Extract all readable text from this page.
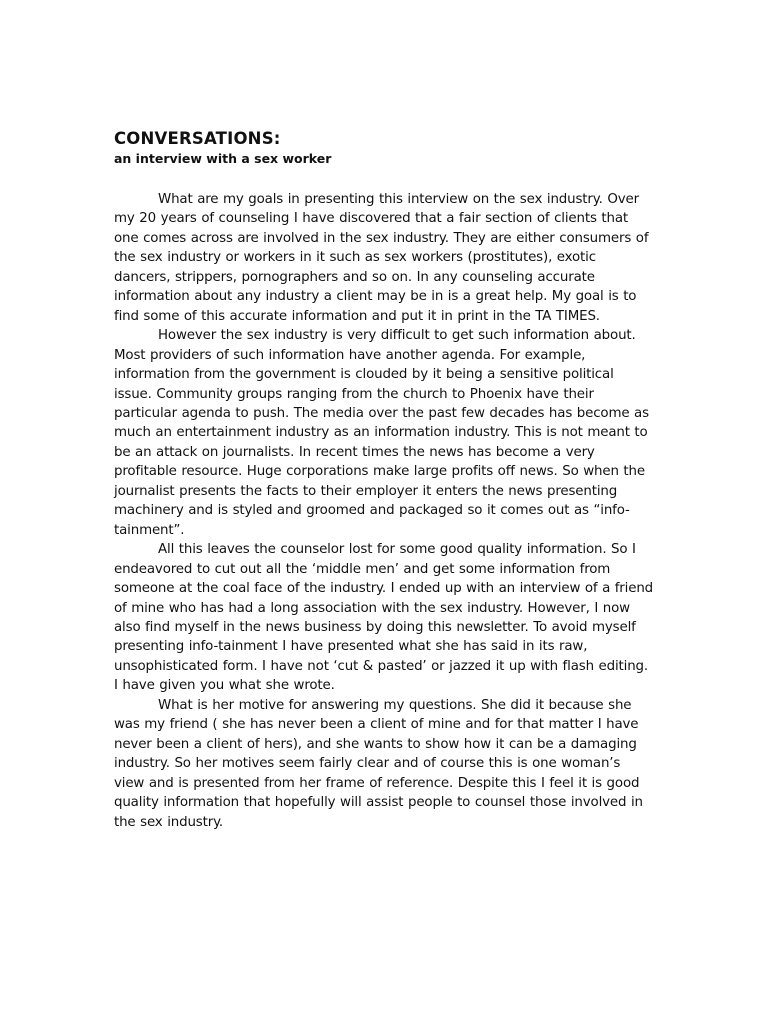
CONVERSATIONS:
an interview with a sex worker

What are my goals in presenting this interview on the sex industry. Over my 20 years of counseling I have discovered that a fair section of clients that one comes across are involved in the sex industry. They are either consumers of the sex industry or workers in it such as sex workers (prostitutes), exotic dancers, strippers, pornographers and so on. In any counseling accurate information about any industry a client may be in is a great help. My goal is to find some of this accurate information and put it in print in the TA TIMES.

However the sex industry is very difficult to get such information about. Most providers of such information have another agenda. For example, information from the government is clouded by it being a sensitive political issue. Community groups ranging from the church to Phoenix have their particular agenda to push. The media over the past few decades has become as much an entertainment industry as an information industry. This is not meant to be an attack on journalists. In recent times the news has become a very profitable resource. Huge corporations make large profits off news. So when the journalist presents the facts to their employer it enters the news presenting machinery and is styled and groomed and packaged so it comes out as “info-tainment”.

All this leaves the counselor lost for some good quality information. So I endeavored to cut out all the ‘middle men’ and get some information from someone at the coal face of the industry. I ended up with an interview of a friend of mine who has had a long association with the sex industry. However, I now also find myself in the news business by doing this newsletter. To avoid myself presenting info-tainment I have presented what she has said in its raw, unsophisticated form. I have not ‘cut & pasted’ or jazzed it up with flash editing. I have given you what she wrote.

What is her motive for answering my questions. She did it because she was my friend ( she has never been a client of mine and for that matter I have never been a client of hers), and she wants to show how it can be a damaging industry. So her motives seem fairly clear and of course this is one woman’s view and is presented from her frame of reference. Despite this I feel it is good quality information that hopefully will assist people to counsel those involved in the sex industry.
